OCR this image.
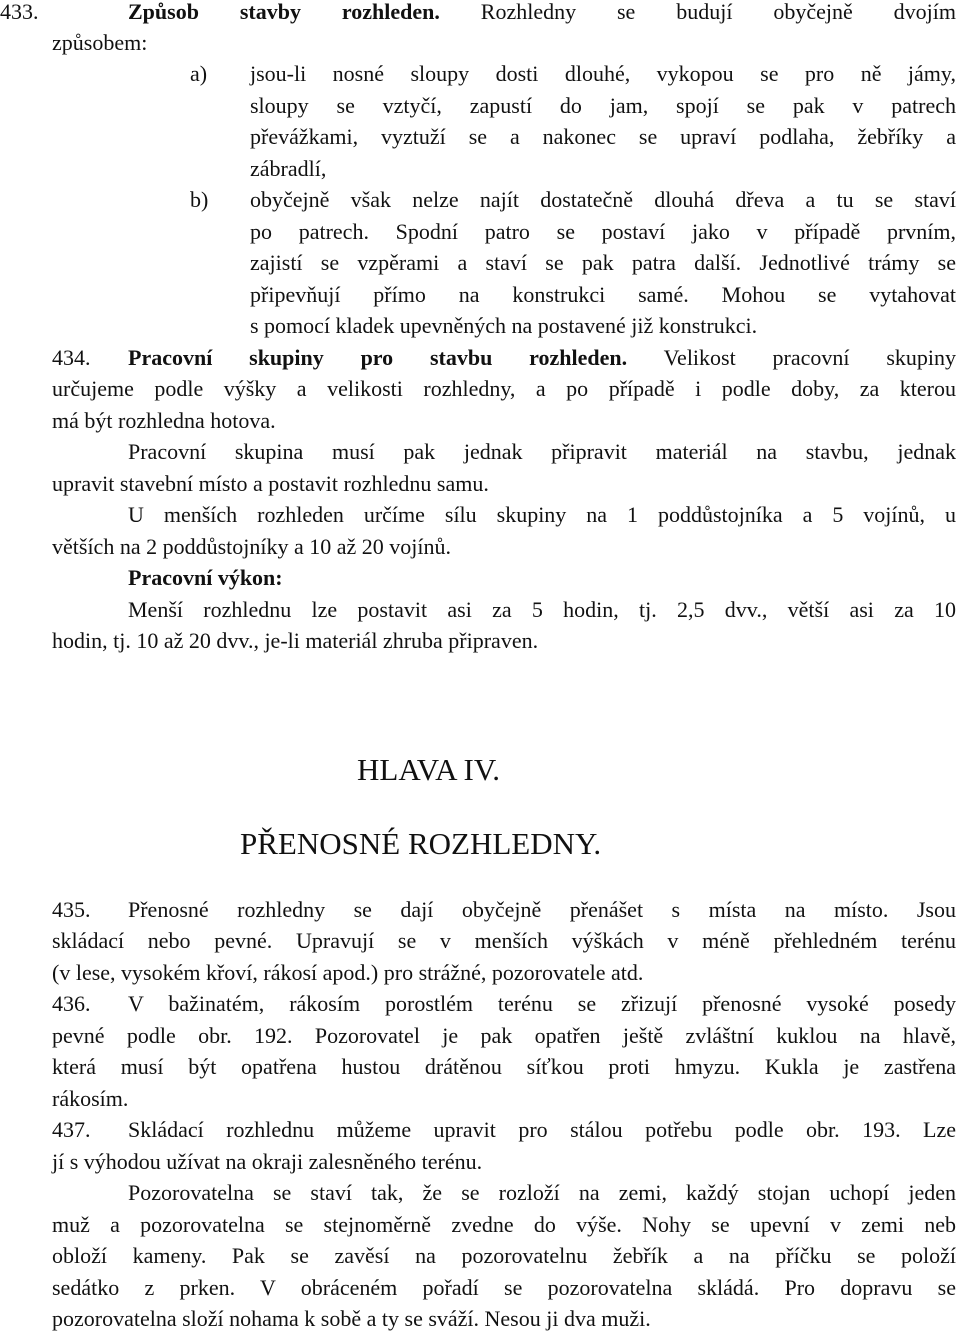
433.	Způsob stavby rozhleden. Rozhledny se budují obyčejně dvojím
způsobem:
a) jsou-li nosné sloupy dosti dlouhé, vykopou se pro ně jámy,
sloupy se vztyčí, zapustí do jam, spojí se pak v patrech
převážkami, vyztuží se a nakonec se upraví podlaha, žebříky a
zábradlí,
b) obyčejně však nelze najít dostatečně dlouhá dřeva a tu se staví
po patrech. Spodní patro se postaví jako v případě prvním,
zajistí se vzpěrami a staví se pak patra další. Jednotlivé trámy se
připevňují přímo na konstrukci samé. Mohou se vytahovat
s pomocí kladek upevněných na postavené již konstrukci.
434. Pracovní skupiny pro stavbu rozhleden. Velikost pracovní skupiny
určujeme podle výšky a velikosti rozhledny, a po případě i podle doby, za kterou
má být rozhledna hotova.
Pracovní skupina musí pak jednak připravit materiál na stavbu, jednak
upravit stavební místo a postavit rozhlednu samu.
U menších rozhleden určíme sílu skupiny na 1 poddůstojníka a 5 vojínů, u
větších na 2 poddůstojníky a 10 až 20 vojínů.
Pracovní výkon:
Menší rozhlednu lze postavit asi za 5 hodin, tj. 2,5 dvv., větší asi za 10
hodin, tj. 10 až 20 dvv., je-li materiál zhruba připraven.
HLAVA IV.
PŘENOSNÉ ROZHLEDNY.
435. Přenosné rozhledny se dají obyčejně přenášet s místa na místo. Jsou
skládací nebo pevné. Upravují se v menších výškách v méně přehledném terénu
(v lese, vysokém křoví, rákosí apod.) pro strážné, pozorovatele atd.
436. V bažinatém, rákosím porostlém terénu se zřizují přenosné vysoké posedy
pevné podle obr. 192. Pozorovatel je pak opatřen ještě zvláštní kuklou na hlavě,
která musí být opatřena hustou drátěnou síťkou proti hmyzu. Kukla je zastřena
rákosím.
437. Skládací rozhlednu můžeme upravit pro stálou potřebu podle obr. 193. Lze
jí s výhodou užívat na okraji zalesněného terénu.
Pozorovatelna se staví tak, že se rozloží na zemi, každý stojan uchopí jeden
muž a pozorovatelna se stejnoměrně zvedne do výše. Nohy se upevní v zemi neb
obloží kameny. Pak se zavěsí na pozorovatelnu žebřík a na příčku se položí
sedátko z prken. V obráceném pořadí se pozorovatelna skládá. Pro dopravu se
pozorovatelna složí nohama k sobě a ty se sváží. Nesou ji dva muži.
